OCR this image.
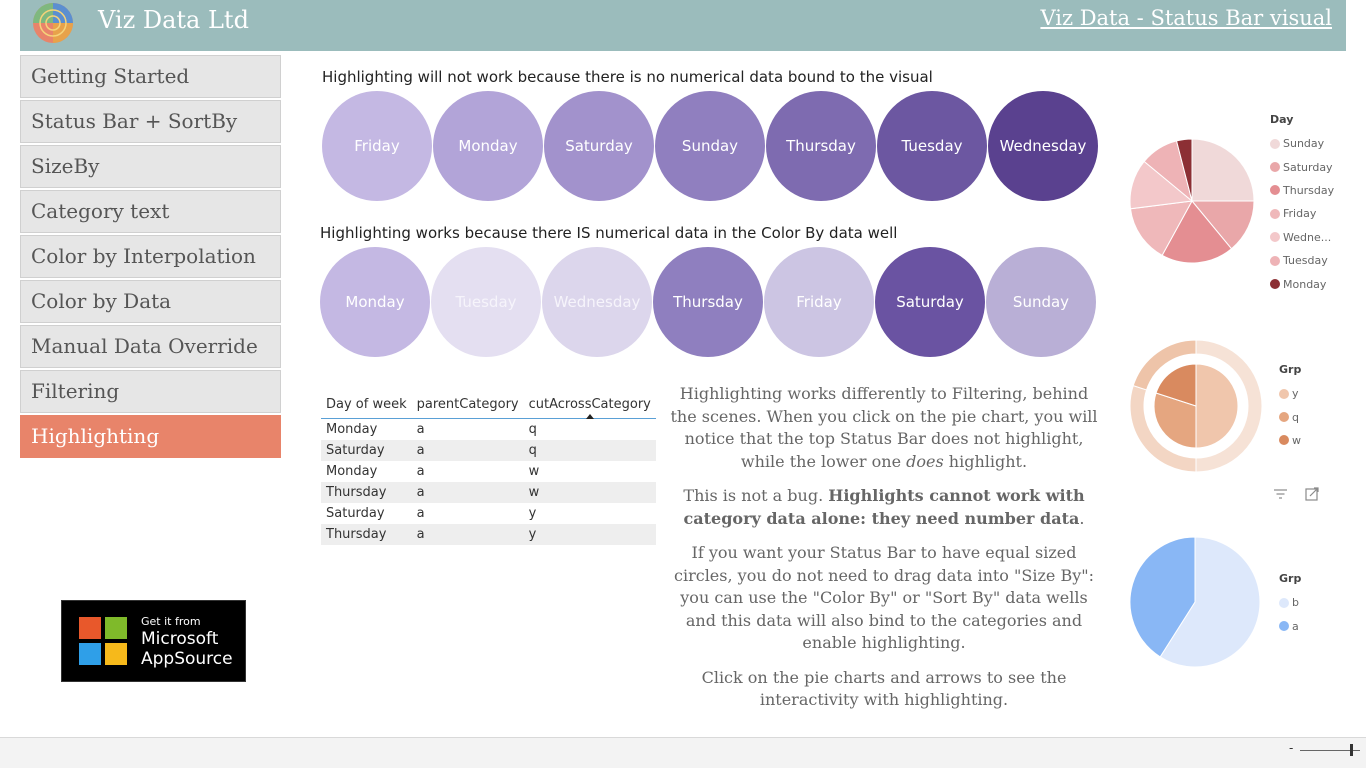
Viz Data Ltd	Viz Data - Status Bar visual
Getting Started
Status Bar + SortBy
SizeBy
Category text
Color by Interpolation
Color by Data
Manual Data Override
Filtering
Highlighting
Get it from
Microsoft
AppSource
Highlighting will not work because there is no numerical data bound to the visual
Friday	Monday	Saturday	Sunday	Thursday	Tuesday	Wednesday
Highlighting works because there IS numerical data in the Color By data well
Monday	Tuesday	Wednesday	Thursday	Friday	Saturday	Sunday
Day of week	parentCategory	cutAcrossCategory

Monday	a	q
Saturday	a	q
Monday	a	w
Thursday	a	w
Saturday	a	y
Thursday	a	y

Highlighting works differently to Filtering, behind the scenes. When you click on the pie chart, you will notice that the top Status Bar does not highlight, while the lower one does highlight.

This is not a bug. Highlights cannot work with category data alone: they need number data.

If you want your Status Bar to have equal sized circles, you do not need to drag data into "Size By": you can use the "Color By" or "Sort By" data wells and this data will also bind to the categories and enable highlighting.

Click on the pie charts and arrows to see the interactivity with highlighting.

Day
Sunday
Saturday
Thursday
Friday
Wedne...
Tuesday
Monday
Grp
y
q
w
Grp
b
a
-
